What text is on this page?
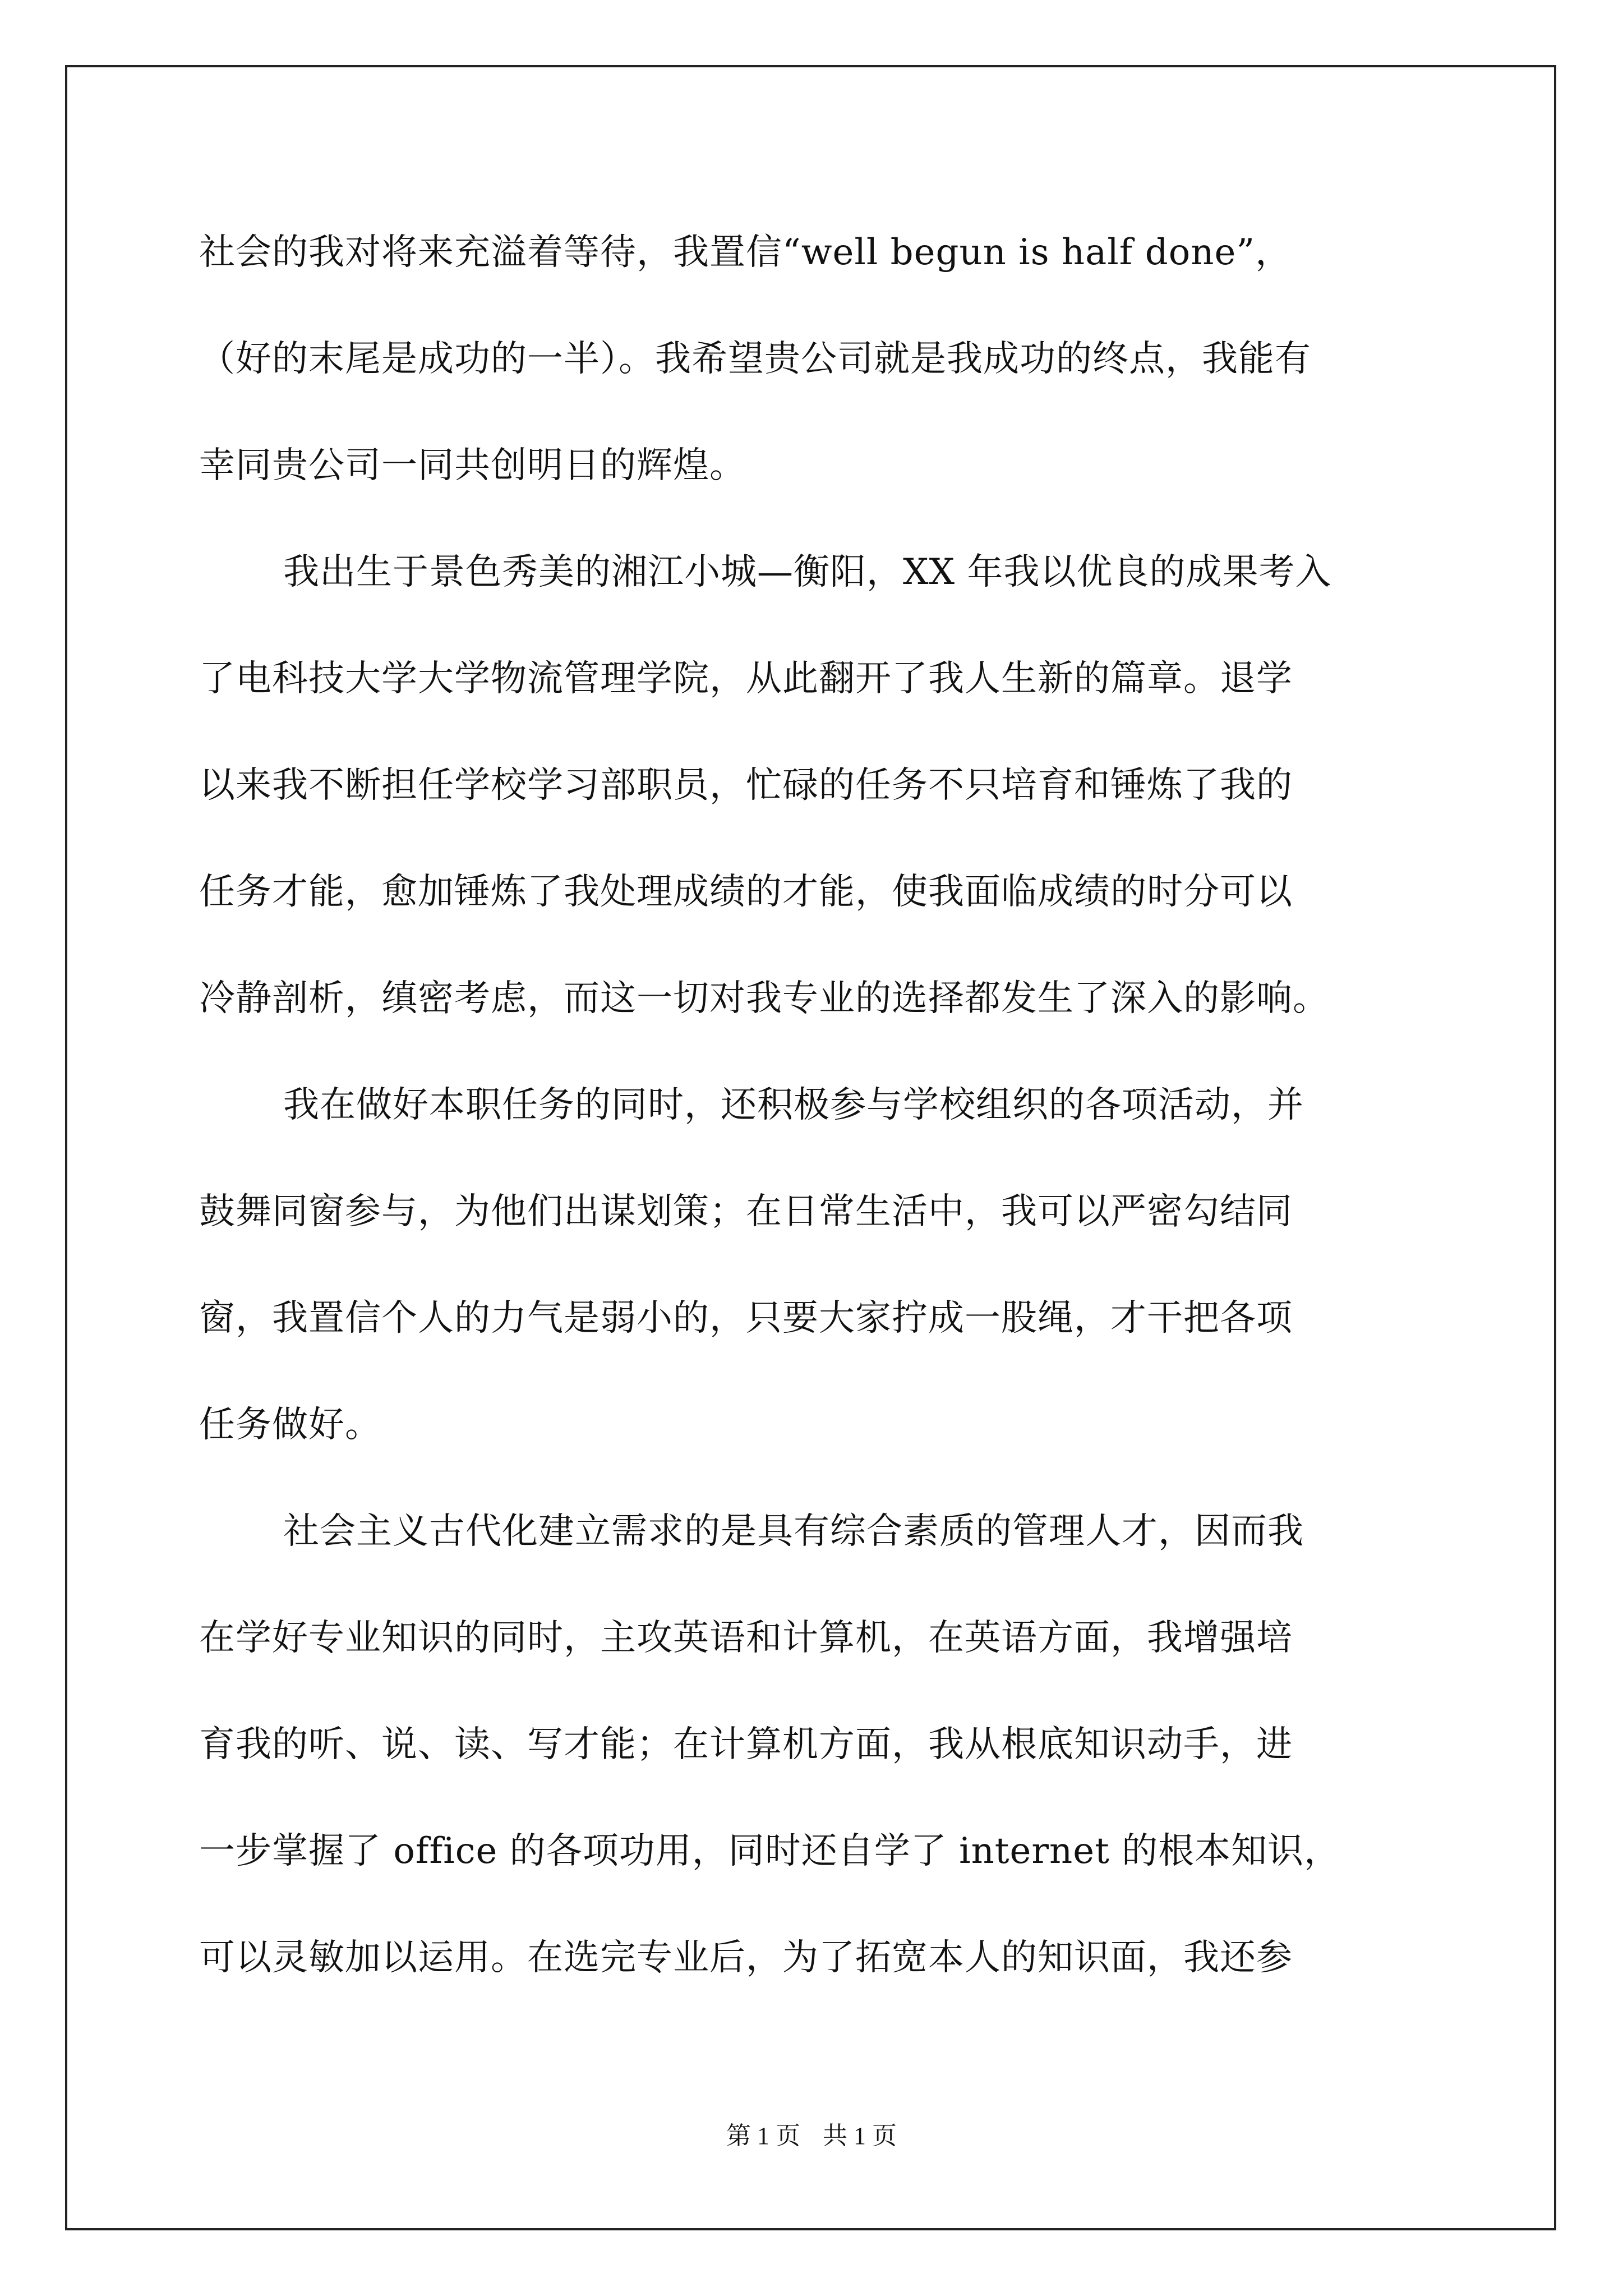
社会的我对将来充溢着等待，我置信“well begun is half done”，
（好的末尾是成功的一半）。我希望贵公司就是我成功的终点，我能有
幸同贵公司一同共创明日的辉煌。
我出生于景色秀美的湘江小城—衡阳，XX 年我以优良的成果考入
了电科技大学大学物流管理学院，从此翻开了我人生新的篇章。退学
以来我不断担任学校学习部职员，忙碌的任务不只培育和锤炼了我的
任务才能，愈加锤炼了我处理成绩的才能，使我面临成绩的时分可以
冷静剖析，缜密考虑，而这一切对我专业的选择都发生了深入的影响。
我在做好本职任务的同时，还积极参与学校组织的各项活动，并
鼓舞同窗参与，为他们出谋划策；在日常生活中，我可以严密勾结同
窗，我置信个人的力气是弱小的，只要大家拧成一股绳，才干把各项
任务做好。
社会主义古代化建立需求的是具有综合素质的管理人才，因而我
在学好专业知识的同时，主攻英语和计算机，在英语方面，我增强培
育我的听、说、读、写才能；在计算机方面，我从根底知识动手，进
一步掌握了 office 的各项功用，同时还自学了 internet 的根本知识，
可以灵敏加以运用。在选完专业后，为了拓宽本人的知识面，我还参
第 1 页 共 1 页
